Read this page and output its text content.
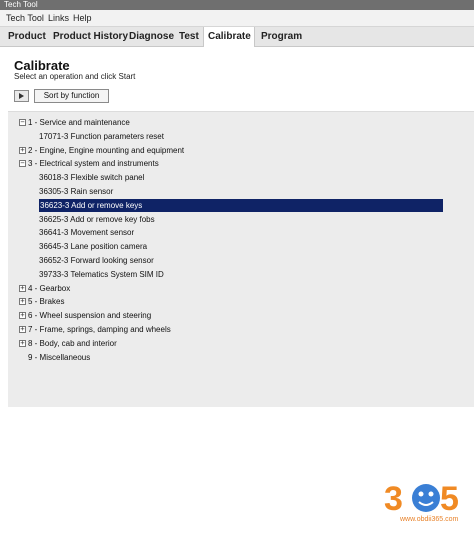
Tech Tool
Tech Tool Links Help
Product Product History Diagnose Test Calibrate	Program
Calibrate
Select an operation and click Start
Sort by function
− 1 - Service and maintenance
17071-3 Function parameters reset
+ 2 - Engine, Engine mounting and equipment
− 3 - Electrical system and instruments
36018-3 Flexible switch panel
36305-3 Rain sensor
36623-3 Add or remove keys
36625-3 Add or remove key fobs
36641-3 Movement sensor
36645-3 Lane position camera
36652-3 Forward looking sensor
39733-3 Telematics System SIM ID
+ 4 - Gearbox
+ 5 - Brakes
+ 6 - Wheel suspension and steering
+ 7 - Frame, springs, damping and wheels
+ 8 - Body, cab and interior
9 - Miscellaneous
3 5
www.obdii365.com
